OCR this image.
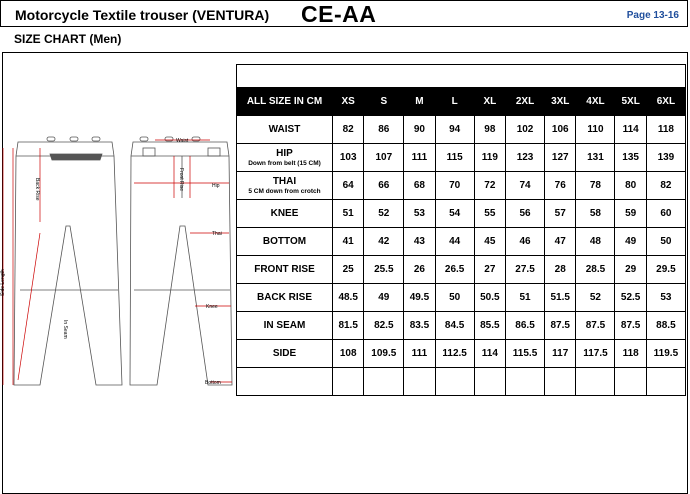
Motorcycle Textile trouser (VENTURA) CE-AA	Page 13-16
SIZE CHART (Men)
Waist
Back Rise	Front Rise	Hip
Thai
Knee
In Seam
Side Length
Bottom

ALL SIZE IN CM	XS	S	M	L	XL	2XL	3XL	4XL	5XL	6XL
WAIST	82	86	90	94	98	102	106	110	114	118
HIP
Down from belt (15 CM)	103	107	111	115	119	123	127	131	135	139
THAI
5 CM down from crotch	64	66	68	70	72	74	76	78	80	82
KNEE	51	52	53	54	55	56	57	58	59	60
BOTTOM	41	42	43	44	45	46	47	48	49	50
FRONT RISE	25	25.5	26	26.5	27	27.5	28	28.5	29	29.5
BACK RISE	48.5	49	49.5	50	50.5	51	51.5	52	52.5	53
IN SEAM	81.5	82.5	83.5	84.5	85.5	86.5	87.5	87.5	87.5	88.5
SIDE	108	109.5	111	112.5	114	115.5	117	117.5	118	119.5
